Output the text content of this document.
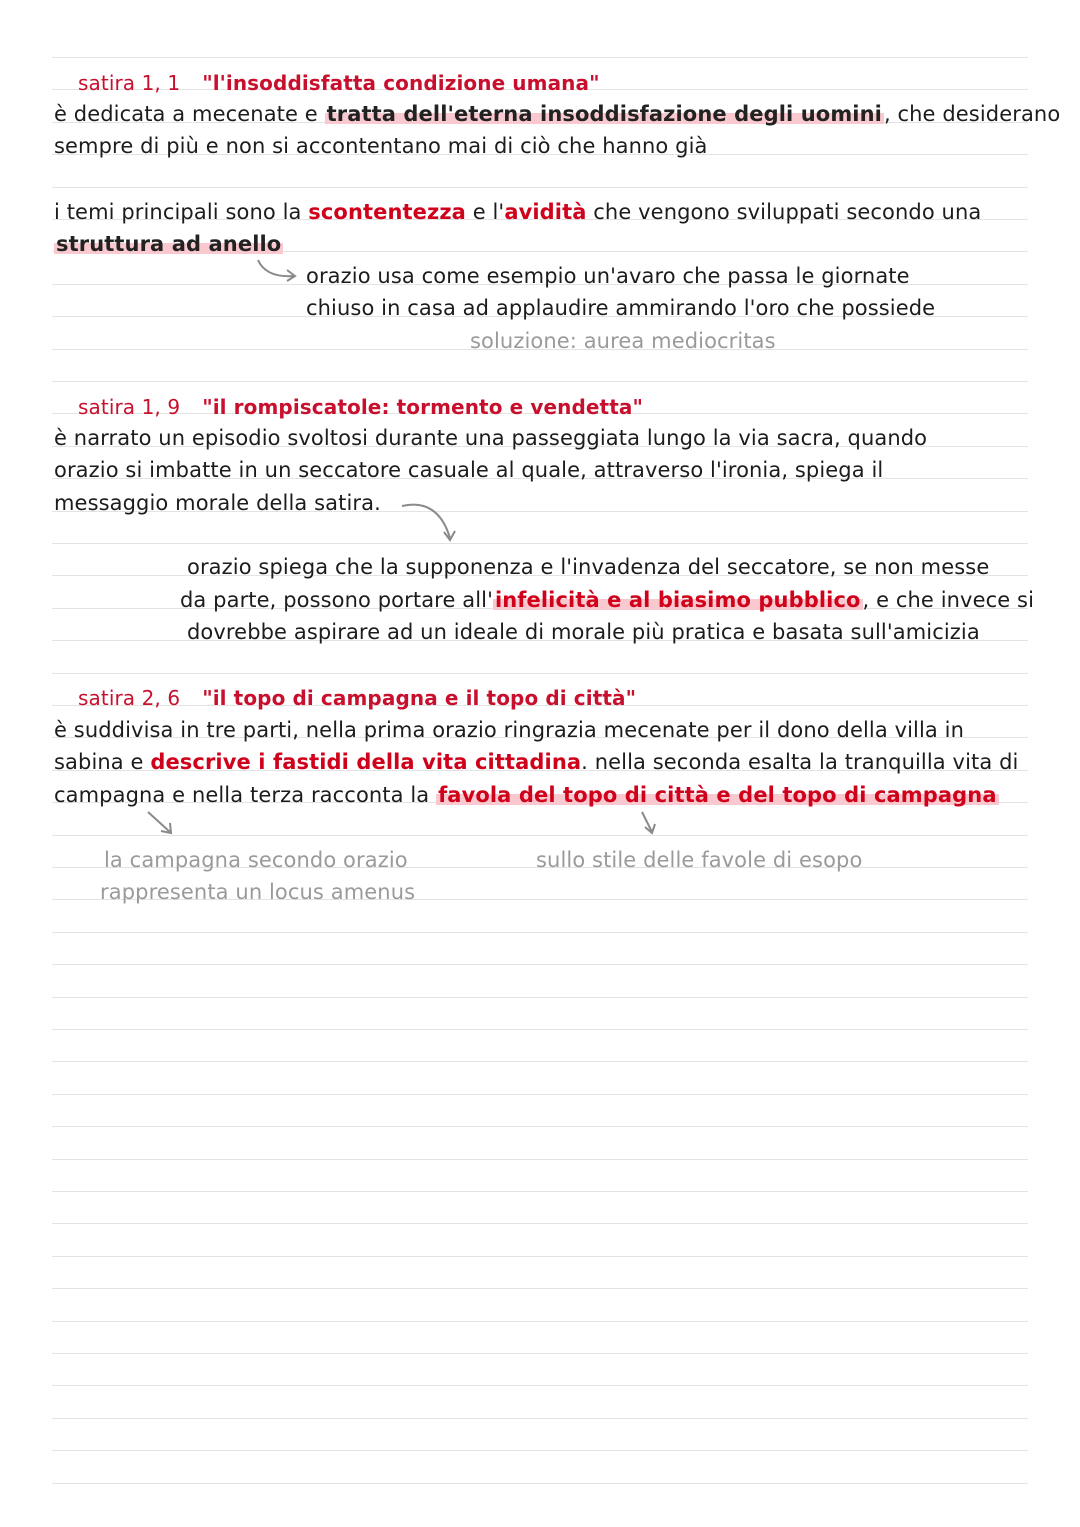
satira 1, 1 "l'insoddisfatta condizione umana"
è dedicata a mecenate e tratta dell'eterna insoddisfazione degli uomini, che desiderano
sempre di più e non si accontentano mai di ciò che hanno già
i temi principali sono la scontentezza e l'avidità che vengono sviluppati secondo una
struttura ad anello
orazio usa come esempio un'avaro che passa le giornate
chiuso in casa ad applaudire ammirando l'oro che possiede
soluzione: aurea mediocritas
satira 1, 9 "il rompiscatole: tormento e vendetta"
è narrato un episodio svoltosi durante una passeggiata lungo la via sacra, quando
orazio si imbatte in un seccatore casuale al quale, attraverso l'ironia, spiega il
messaggio morale della satira.
orazio spiega che la supponenza e l'invadenza del seccatore, se non messe
da parte, possono portare all'infelicità e al biasimo pubblico, e che invece si
dovrebbe aspirare ad un ideale di morale più pratica e basata sull'amicizia
satira 2, 6 "il topo di campagna e il topo di città"
è suddivisa in tre parti, nella prima orazio ringrazia mecenate per il dono della villa in
sabina e descrive i fastidi della vita cittadina. nella seconda esalta la tranquilla vita di
campagna e nella terza racconta la favola del topo di città e del topo di campagna
la campagna secondo orazio
rappresenta un locus amenus
sullo stile delle favole di esopo
